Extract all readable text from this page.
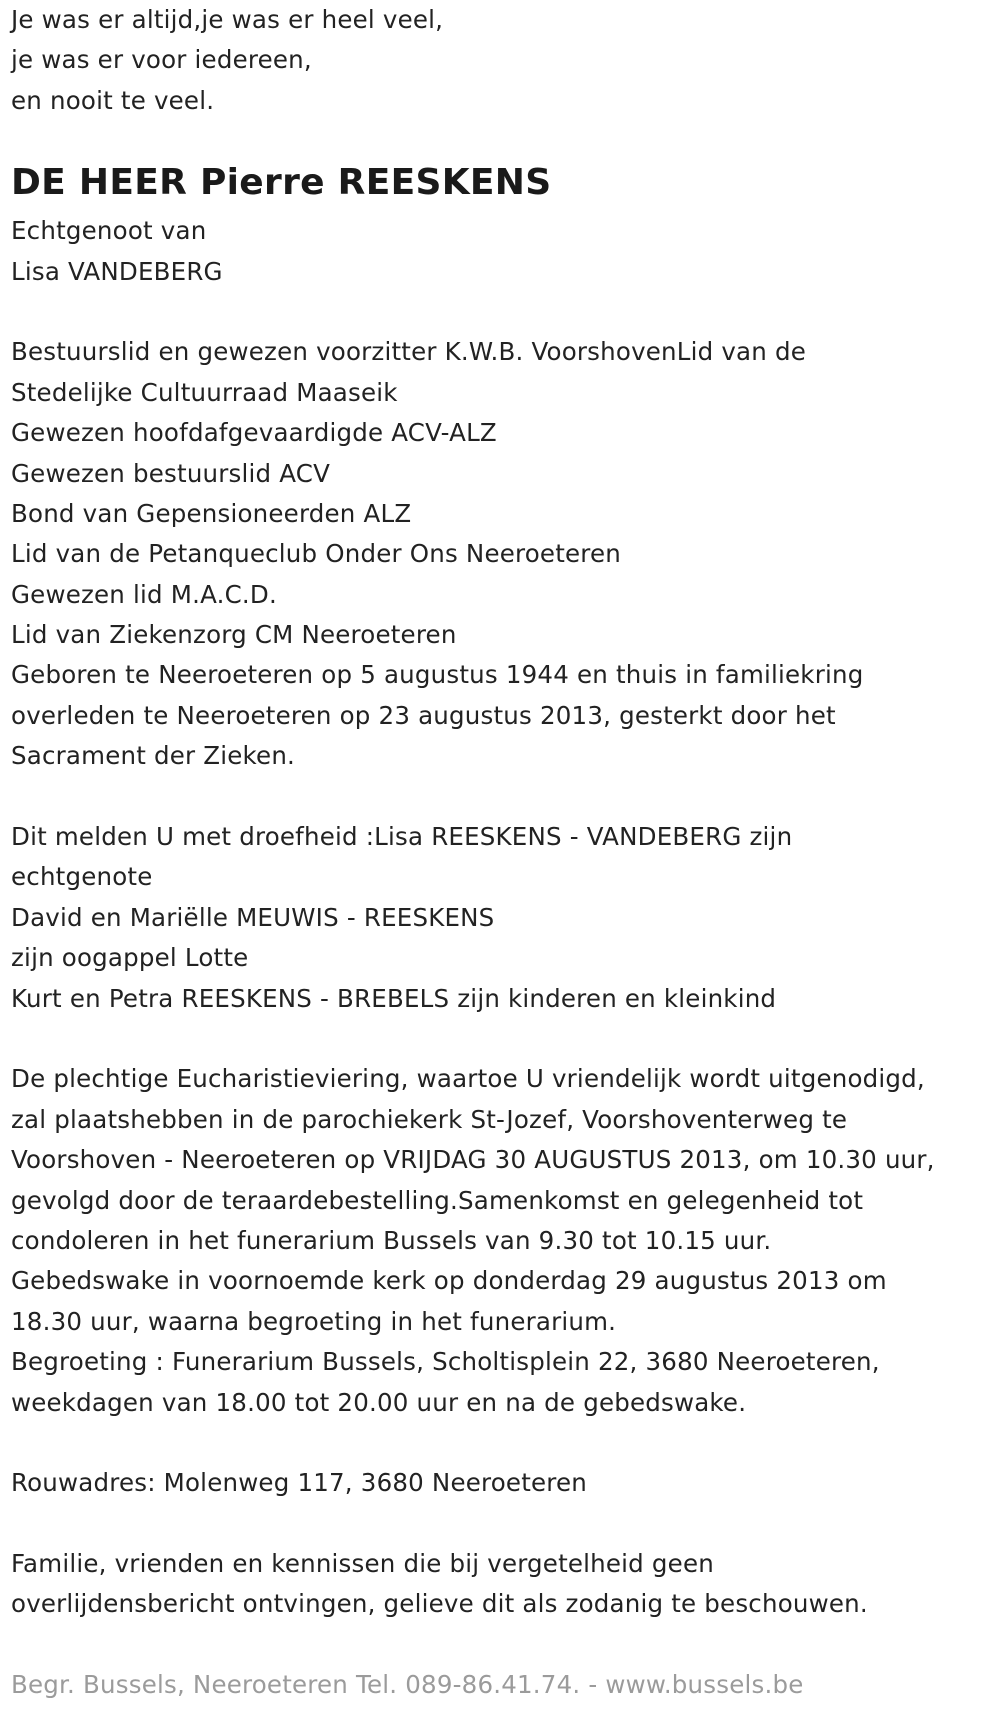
Je was er altijd,je was er heel veel,
je was er voor iedereen,
en nooit te veel.
DE HEER Pierre REESKENS
Echtgenoot van
Lisa VANDEBERG
Bestuurslid en gewezen voorzitter K.W.B. VoorshovenLid van de
Stedelijke Cultuurraad Maaseik
Gewezen hoofdafgevaardigde ACV-ALZ
Gewezen bestuurslid ACV
Bond van Gepensioneerden ALZ
Lid van de Petanqueclub Onder Ons Neeroeteren
Gewezen lid M.A.C.D.
Lid van Ziekenzorg CM Neeroeteren
Geboren te Neeroeteren op 5 augustus 1944 en thuis in familiekring
overleden te Neeroeteren op 23 augustus 2013, gesterkt door het
Sacrament der Zieken.
Dit melden U met droefheid :Lisa REESKENS - VANDEBERG zijn
echtgenote
David en Mariëlle MEUWIS - REESKENS
zijn oogappel Lotte
Kurt en Petra REESKENS - BREBELS zijn kinderen en kleinkind
De plechtige Eucharistieviering, waartoe U vriendelijk wordt uitgenodigd,
zal plaatshebben in de parochiekerk St-Jozef, Voorshoventerweg te
Voorshoven - Neeroeteren op VRIJDAG 30 AUGUSTUS 2013, om 10.30 uur,
gevolgd door de teraardebestelling.Samenkomst en gelegenheid tot
condoleren in het funerarium Bussels van 9.30 tot 10.15 uur.
Gebedswake in voornoemde kerk op donderdag 29 augustus 2013 om
18.30 uur, waarna begroeting in het funerarium.
Begroeting : Funerarium Bussels, Scholtisplein 22, 3680 Neeroeteren,
weekdagen van 18.00 tot 20.00 uur en na de gebedswake.
Rouwadres: Molenweg 117, 3680 Neeroeteren
Familie, vrienden en kennissen die bij vergetelheid geen
overlijdensbericht ontvingen, gelieve dit als zodanig te beschouwen.
Begr. Bussels, Neeroeteren Tel. 089-86.41.74. - www.bussels.be
